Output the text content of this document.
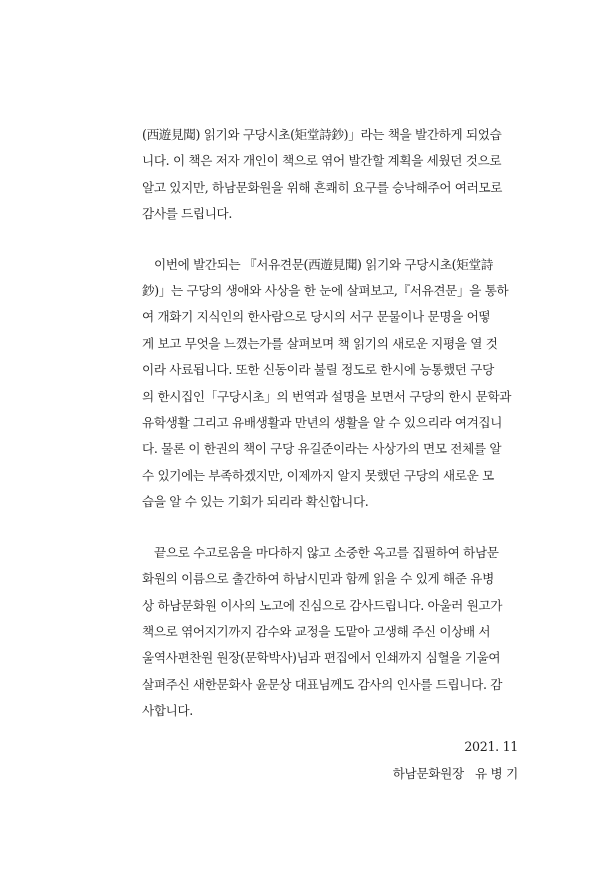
(西遊見聞) 읽기와 구당시초(矩堂詩鈔)」라는 책을 발간하게 되었습
니다. 이 책은 저자 개인이 책으로 엮어 발간할 계획을 세웠던 것으로
알고 있지만, 하남문화원을 위해 흔쾌히 요구를 승낙해주어 여러모로
감사를 드립니다.

이번에 발간되는 『서유견문(西遊見聞) 읽기와 구당시초(矩堂詩
鈔)」는 구당의 생애와 사상을 한 눈에 살펴보고,『서유견문」을 통하
여 개화기 지식인의 한사람으로 당시의 서구 문물이나 문명을 어떻
게 보고 무엇을 느꼈는가를 살펴보며 책 읽기의 새로운 지평을 열 것
이라 사료됩니다. 또한 신동이라 불릴 정도로 한시에 능통했던 구당
의 한시집인「구당시초」의 번역과 설명을 보면서 구당의 한시 문학과
유학생활 그리고 유배생활과 만년의 생활을 알 수 있으리라 여겨집니
다. 물론 이 한권의 책이 구당 유길준이라는 사상가의 면모 전체를 알
수 있기에는 부족하겠지만, 이제까지 알지 못했던 구당의 새로운 모
습을 알 수 있는 기회가 되리라 확신합니다.

끝으로 수고로움을 마다하지 않고 소중한 옥고를 집필하여 하남문
화원의 이름으로 출간하여 하남시민과 함께 읽을 수 있게 해준 유병
상 하남문화원 이사의 노고에 진심으로 감사드립니다. 아울러 원고가
책으로 엮어지기까지 감수와 교정을 도맡아 고생해 주신 이상배 서
울역사편찬원 원장(문학박사)님과 편집에서 인쇄까지 심혈을 기울여
살펴주신 새한문화사 윤문상 대표님께도 감사의 인사를 드립니다. 감
사합니다.

2021. 11
하남문화원장   유 병 기
